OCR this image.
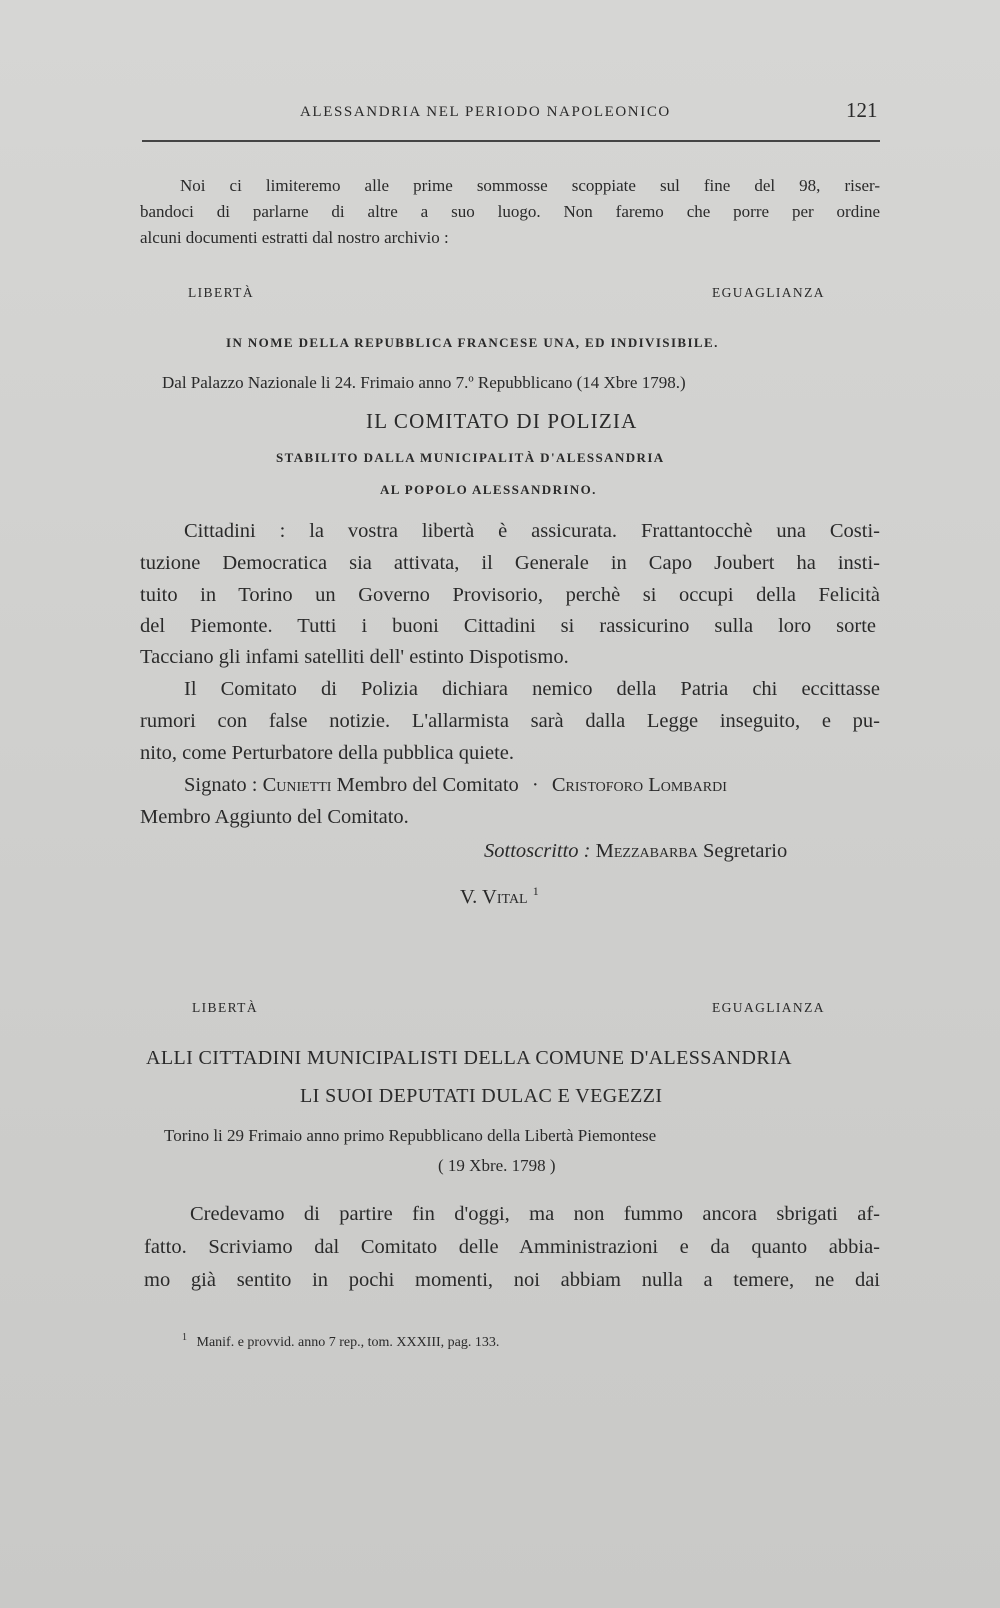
ALESSANDRIA NEL PERIODO NAPOLEONICO	121
Noi ci limiteremo alle prime sommosse scoppiate sul fine del 98, riser-
bandoci di parlarne di altre a suo luogo. Non faremo che porre per ordine
alcuni documenti estratti dal nostro archivio :
LIBERTÀ	EGUAGLIANZA
IN NOME DELLA REPUBBLICA FRANCESE UNA, ED INDIVISIBILE.
Dal Palazzo Nazionale li 24. Frimaio anno 7.º Repubblicano (14 Xbre 1798.)
IL COMITATO DI POLIZIA
STABILITO DALLA MUNICIPALITÀ D'ALESSANDRIA
AL POPOLO ALESSANDRINO.
Cittadini : la vostra libertà è assicurata. Frattantocchè una Costi-
tuzione Democratica sia attivata, il Generale in Capo Joubert ha insti-
tuito in Torino un Governo Provisorio, perchè si occupi della Felicità
del Piemonte. Tutti i buoni Cittadini si rassicurino sulla loro sorte
Tacciano gli infami satelliti dell' estinto Dispotismo.
Il Comitato di Polizia dichiara nemico della Patria chi eccittasse
rumori con false notizie. L'allarmista sarà dalla Legge inseguito, e pu-
nito, come Perturbatore della pubblica quiete.
Signato : Cunietti Membro del Comitato · Cristoforo Lombardi
Membro Aggiunto del Comitato.
Sottoscritto : Mezzabarba Segretario
V. Vital $^1$
LIBERTÀ	EGUAGLIANZA
ALLI CITTADINI MUNICIPALISTI DELLA COMUNE D'ALESSANDRIA
LI SUOI DEPUTATI DULAC E VEGEZZI
Torino li 29 Frimaio anno primo Repubblicano della Libertà Piemontese
( 19 Xbre. 1798 )
Credevamo di partire fin d'oggi, ma non fummo ancora sbrigati af-
fatto. Scriviamo dal Comitato delle Amministrazioni e da quanto abbia-
mo già sentito in pochi momenti, noi abbiam nulla a temere, ne dai
$^1$ Manif. e provvid. anno 7 rep., tom. XXXIII, pag. 133.
